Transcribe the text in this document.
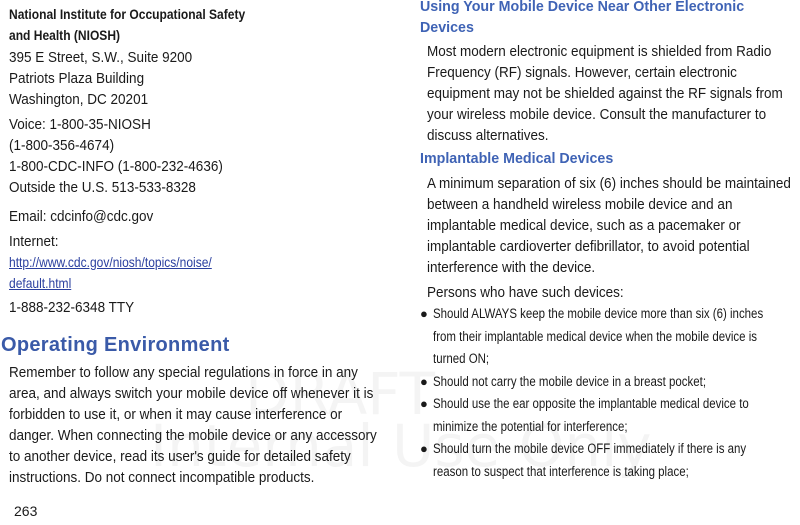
National Institute for Occupational Safety
and Health (NIOSH)
395 E Street, S.W., Suite 9200
Patriots Plaza Building
Washington, DC 20201
Voice: 1-800-35-NIOSH
(1-800-356-4674)
1-800-CDC-INFO (1-800-232-4636)
Outside the U.S. 513-533-8328
Email: cdcinfo@cdc.gov
Internet:
http://www.cdc.gov/niosh/topics/noise/
default.html
1-888-232-6348 TTY
Operating Environment
Remember to follow any special regulations in force in any
area, and always switch your mobile device off whenever it is
forbidden to use it, or when it may cause interference or
danger. When connecting the mobile device or any accessory
to another device, read its user's guide for detailed safety
instructions. Do not connect incompatible products.
Using Your Mobile Device Near Other Electronic
Devices
Most modern electronic equipment is shielded from Radio
Frequency (RF) signals. However, certain electronic
equipment may not be shielded against the RF signals from
your wireless mobile device. Consult the manufacturer to
discuss alternatives.
Implantable Medical Devices
A minimum separation of six (6) inches should be maintained
between a handheld wireless mobile device and an
implantable medical device, such as a pacemaker or
implantable cardioverter defibrillator, to avoid potential
interference with the device.
Persons who have such devices:
● Should ALWAYS keep the mobile device more than six (6) inches
from their implantable medical device when the mobile device is
turned ON;
● Should not carry the mobile device in a breast pocket;
● Should use the ear opposite the implantable medical device to
minimize the potential for interference;
● Should turn the mobile device OFF immediately if there is any
reason to suspect that interference is taking place;
263
